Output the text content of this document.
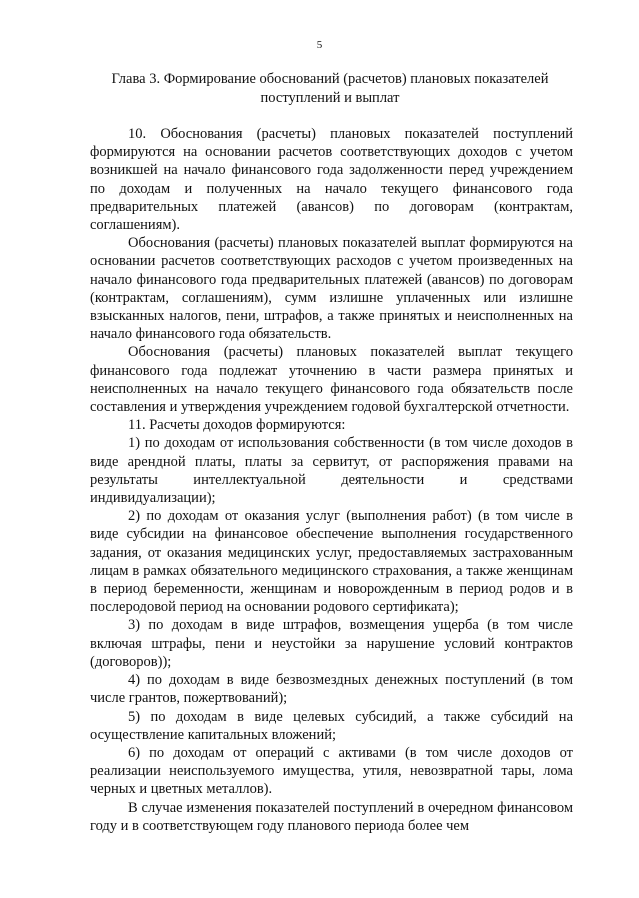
5
Глава 3. Формирование обоснований (расчетов) плановых показателей поступлений и выплат

10. Обоснования (расчеты) плановых показателей поступлений формируются на основании расчетов соответствующих доходов с учетом возникшей на начало финансового года задолженности перед учреждением по доходам и полученных на начало текущего финансового года предварительных платежей (авансов) по договорам (контрактам, соглашениям).

Обоснования (расчеты) плановых показателей выплат формируются на основании расчетов соответствующих расходов с учетом произведенных на начало финансового года предварительных платежей (авансов) по договорам (контрактам, соглашениям), сумм излишне уплаченных или излишне взысканных налогов, пени, штрафов, а также принятых и неисполненных на начало финансового года обязательств.

Обоснования (расчеты) плановых показателей выплат текущего финансового года подлежат уточнению в части размера принятых и неисполненных на начало текущего финансового года обязательств после составления и утверждения учреждением годовой бухгалтерской отчетности.

11. Расчеты доходов формируются:

1) по доходам от использования собственности (в том числе доходов в виде арендной платы, платы за сервитут, от распоряжения правами на результаты интеллектуальной деятельности и средствами индивидуализации);

2) по доходам от оказания услуг (выполнения работ) (в том числе в виде субсидии на финансовое обеспечение выполнения государственного задания, от оказания медицинских услуг, предоставляемых застрахованным лицам в рамках обязательного медицинского страхования, а также женщинам в период беременности, женщинам и новорожденным в период родов и в послеродовой период на основании родового сертификата);

3) по доходам в виде штрафов, возмещения ущерба (в том числе включая штрафы, пени и неустойки за нарушение условий контрактов (договоров));

4) по доходам в виде безвозмездных денежных поступлений (в том числе грантов, пожертвований);

5) по доходам в виде целевых субсидий, а также субсидий на осуществление капитальных вложений;

6) по доходам от операций с активами (в том числе доходов от реализации неиспользуемого имущества, утиля, невозвратной тары, лома черных и цветных металлов).

В случае изменения показателей поступлений в очередном финансовом году и в соответствующем году планового периода более чем
